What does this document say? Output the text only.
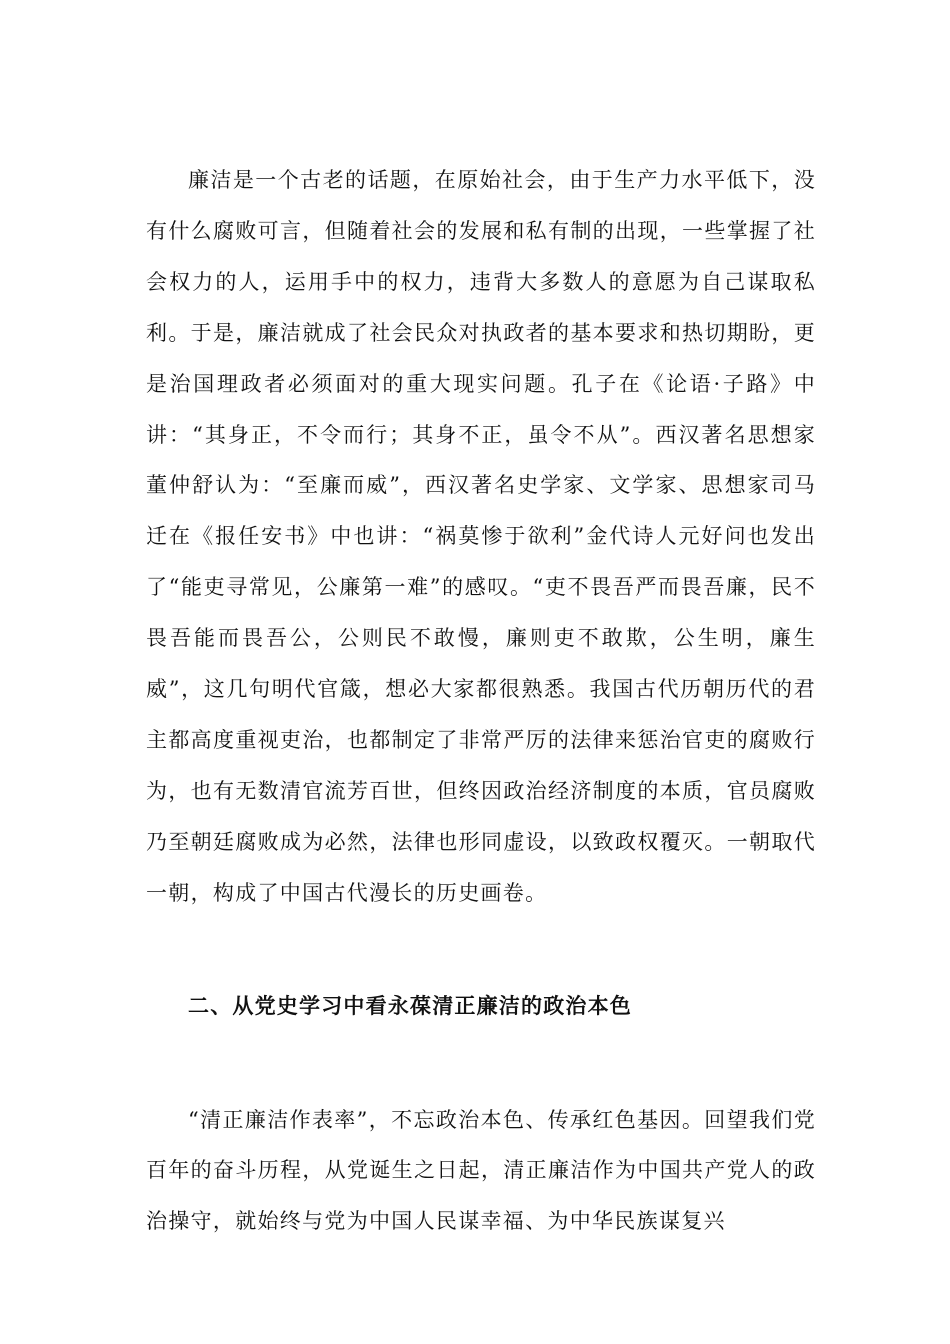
廉洁是一个古老的话题，在原始社会，由于生产力水平低下，没有什么腐败可言，但随着社会的发展和私有制的出现，一些掌握了社会权力的人，运用手中的权力，违背大多数人的意愿为自己谋取私利。于是，廉洁就成了社会民众对执政者的基本要求和热切期盼，更是治国理政者必须面对的重大现实问题。孔子在《论语·子路》中讲：“其身正，不令而行；其身不正，虽令不从”。西汉著名思想家董仲舒认为：“至廉而威”，西汉著名史学家、文学家、思想家司马迁在《报任安书》中也讲：“祸莫惨于欲利”金代诗人元好问也发出了“能吏寻常见，公廉第一难”的感叹。“吏不畏吾严而畏吾廉，民不畏吾能而畏吾公，公则民不敢慢，廉则吏不敢欺，公生明，廉生威”，这几句明代官箴，想必大家都很熟悉。我国古代历朝历代的君主都高度重视吏治，也都制定了非常严厉的法律来惩治官吏的腐败行为，也有无数清官流芳百世，但终因政治经济制度的本质，官员腐败乃至朝廷腐败成为必然，法律也形同虚设，以致政权覆灭。一朝取代一朝，构成了中国古代漫长的历史画卷。

二、从党史学习中看永葆清正廉洁的政治本色

“清正廉洁作表率”，不忘政治本色、传承红色基因。回望我们党百年的奋斗历程，从党诞生之日起，清正廉洁作为中国共产党人的政治操守，就始终与党为中国人民谋幸福、为中华民族谋复兴
